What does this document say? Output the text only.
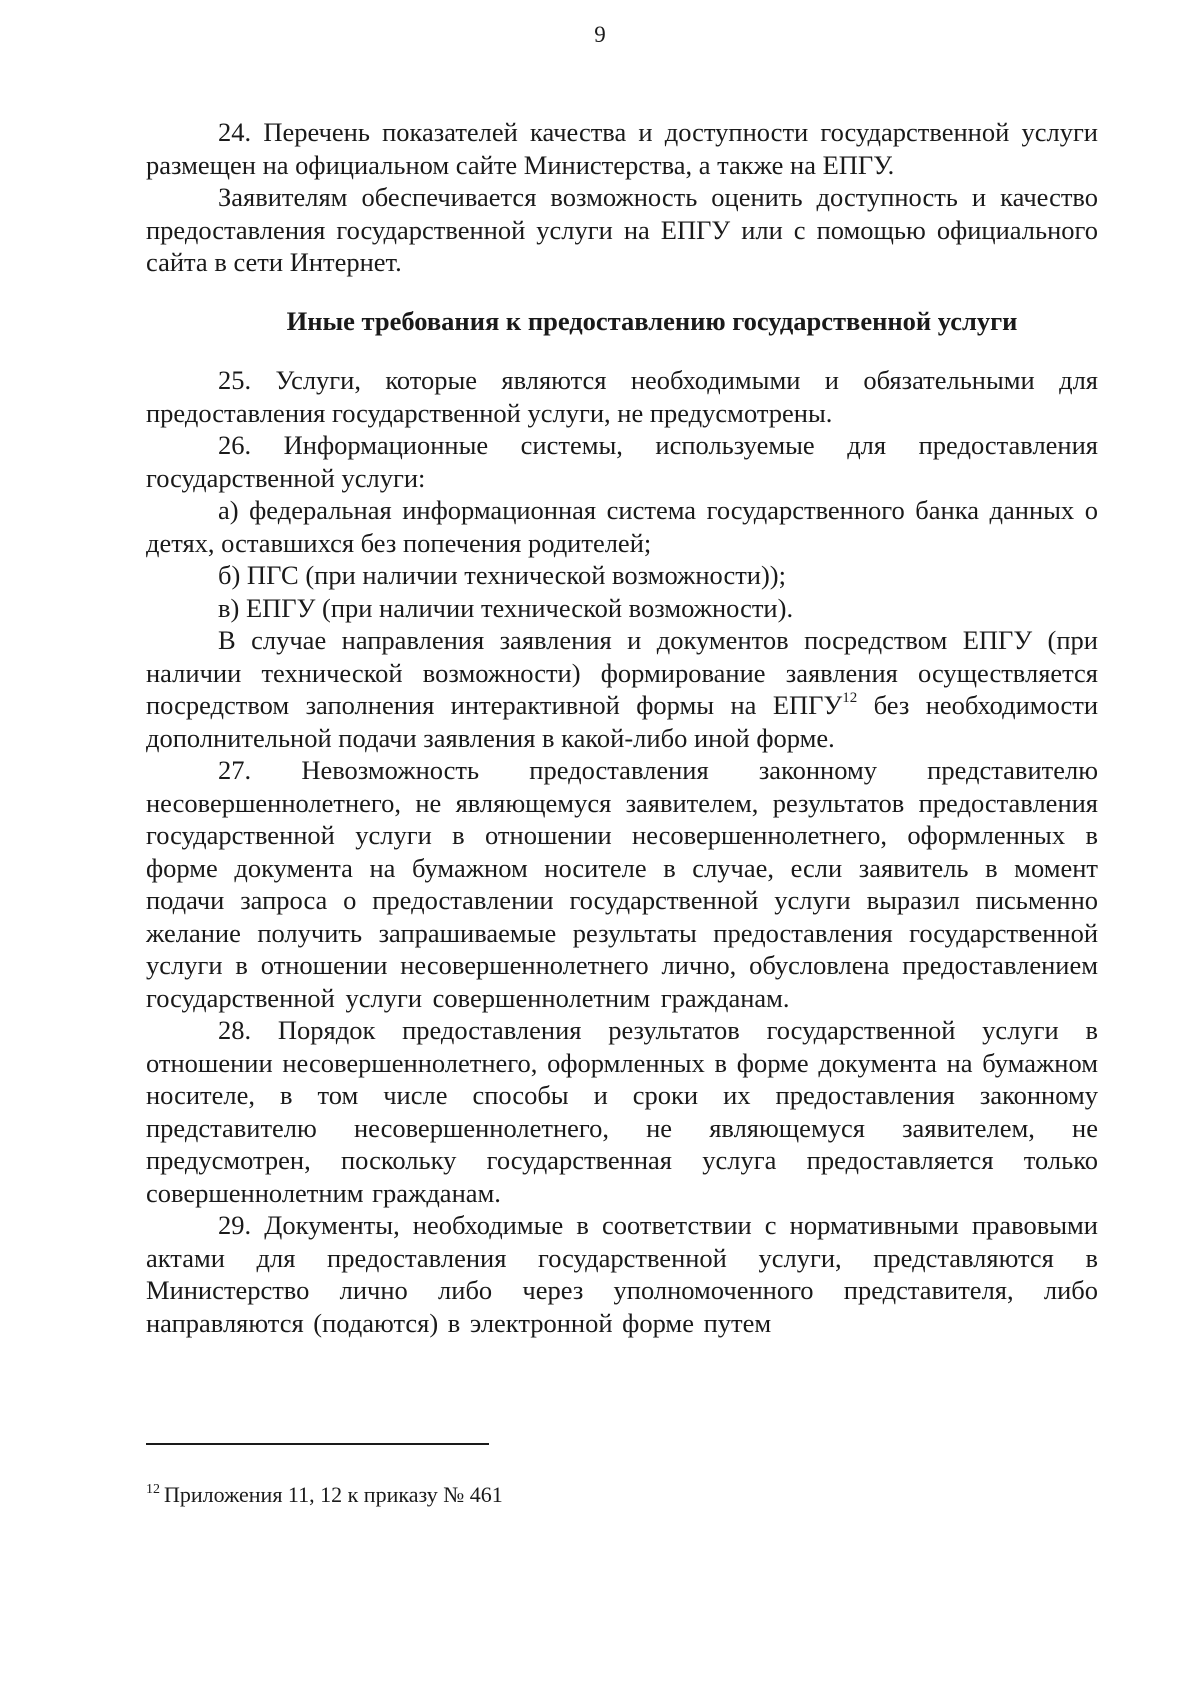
9

24. Перечень показателей качества и доступности государственной услуги размещен на официальном сайте Министерства, а также на ЕПГУ.

Заявителям обеспечивается возможность оценить доступность и качество предоставления государственной услуги на ЕПГУ или с помощью официального сайта в сети Интернет.

Иные требования к предоставлению государственной услуги

25. Услуги, которые являются необходимыми и обязательными для предоставления государственной услуги, не предусмотрены.

26. Информационные системы, используемые для предоставления государственной услуги:

а) федеральная информационная система государственного банка данных о детях, оставшихся без попечения родителей;

б) ПГС (при наличии технической возможности));

в) ЕПГУ (при наличии технической возможности).

В случае направления заявления и документов посредством ЕПГУ (при наличии технической возможности) формирование заявления осуществляется посредством заполнения интерактивной формы на ЕПГУ$^{12}$ без необходимости дополнительной подачи заявления в какой-либо иной форме.

27. Невозможность предоставления законному представителю несовершеннолетнего, не являющемуся заявителем, результатов предоставления государственной услуги в отношении несовершеннолетнего, оформленных в форме документа на бумажном носителе в случае, если заявитель в момент подачи запроса о предоставлении государственной услуги выразил письменно желание получить запрашиваемые результаты предоставления государственной услуги в отношении несовершеннолетнего лично, обусловлена предоставлением государственной услуги совершеннолетним гражданам.

28. Порядок предоставления результатов государственной услуги в отношении несовершеннолетнего, оформленных в форме документа на бумажном носителе, в том числе способы и сроки их предоставления законному представителю несовершеннолетнего, не являющемуся заявителем, не предусмотрен, поскольку государственная услуга предоставляется только совершеннолетним гражданам.

29. Документы, необходимые в соответствии с нормативными правовыми актами для предоставления государственной услуги, представляются в Министерство лично либо через уполномоченного представителя, либо направляются (подаются) в электронной форме путем

$^{12}$ Приложения 11, 12 к приказу № 461
